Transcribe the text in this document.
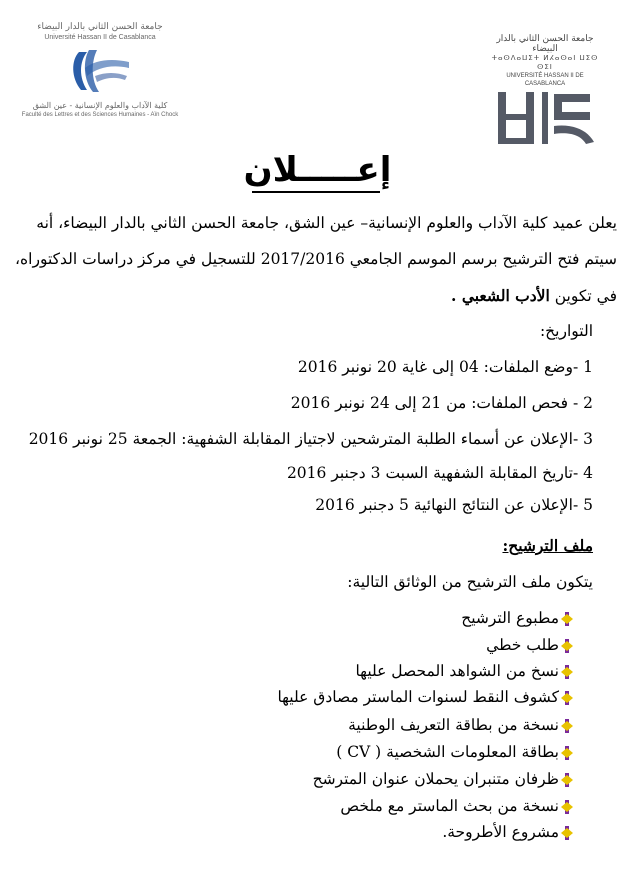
جامعة الحسن الثاني بالدار البيضاء
Université Hassan II de Casablanca
كلية الآداب والعلوم الإنسانية - عين الشق
Faculté des Lettres et des Sciences Humaines - Aïn Chock
جامعة الحسن الثاني بالدار البيضاء
ⵜⴰⵙⴷⴰⵡⵉⵜ ⵍⵃⴰⵙⴰⵏ ⵡⵉⵙ ⵙⵉⵏ
UNIVERSITÉ HASSAN II DE CASABLANCA
إعـــــلان
يعلن عميد كلية الآداب والعلوم الإنسانية– عين الشق، جامعة الحسن الثاني بالدار البيضاء، أنه
سيتم فتح الترشيح برسم الموسم الجامعي 2017/2016 للتسجيل في مركز دراسات الدكتوراه،
في تكوين الأدب الشعبي .
التواريخ:
1 -وضع الملفات: 04 إلى غاية 20 نونبر 2016
2 - فحص الملفات: من 21 إلى 24 نونبر 2016
3 -الإعلان عن أسماء الطلبة المترشحين لاجتياز المقابلة الشفهية: الجمعة 25 نونبر 2016
4 -تاريخ المقابلة الشفهية السبت 3 دجنبر 2016
5 -الإعلان عن النتائج النهائية 5 دجنبر 2016
ملف الترشيح:
يتكون ملف الترشيح من الوثائق التالية:
مطبوع الترشيح
طلب خطي
نسخ من الشواهد المحصل عليها
كشوف النقط لسنوات الماستر مصادق عليها
نسخة من بطاقة التعريف الوطنية
بطاقة المعلومات الشخصية ( CV )
ظرفان متنبران يحملان عنوان المترشح
نسخة من بحث الماستر مع ملخص
مشروع الأطروحة.
